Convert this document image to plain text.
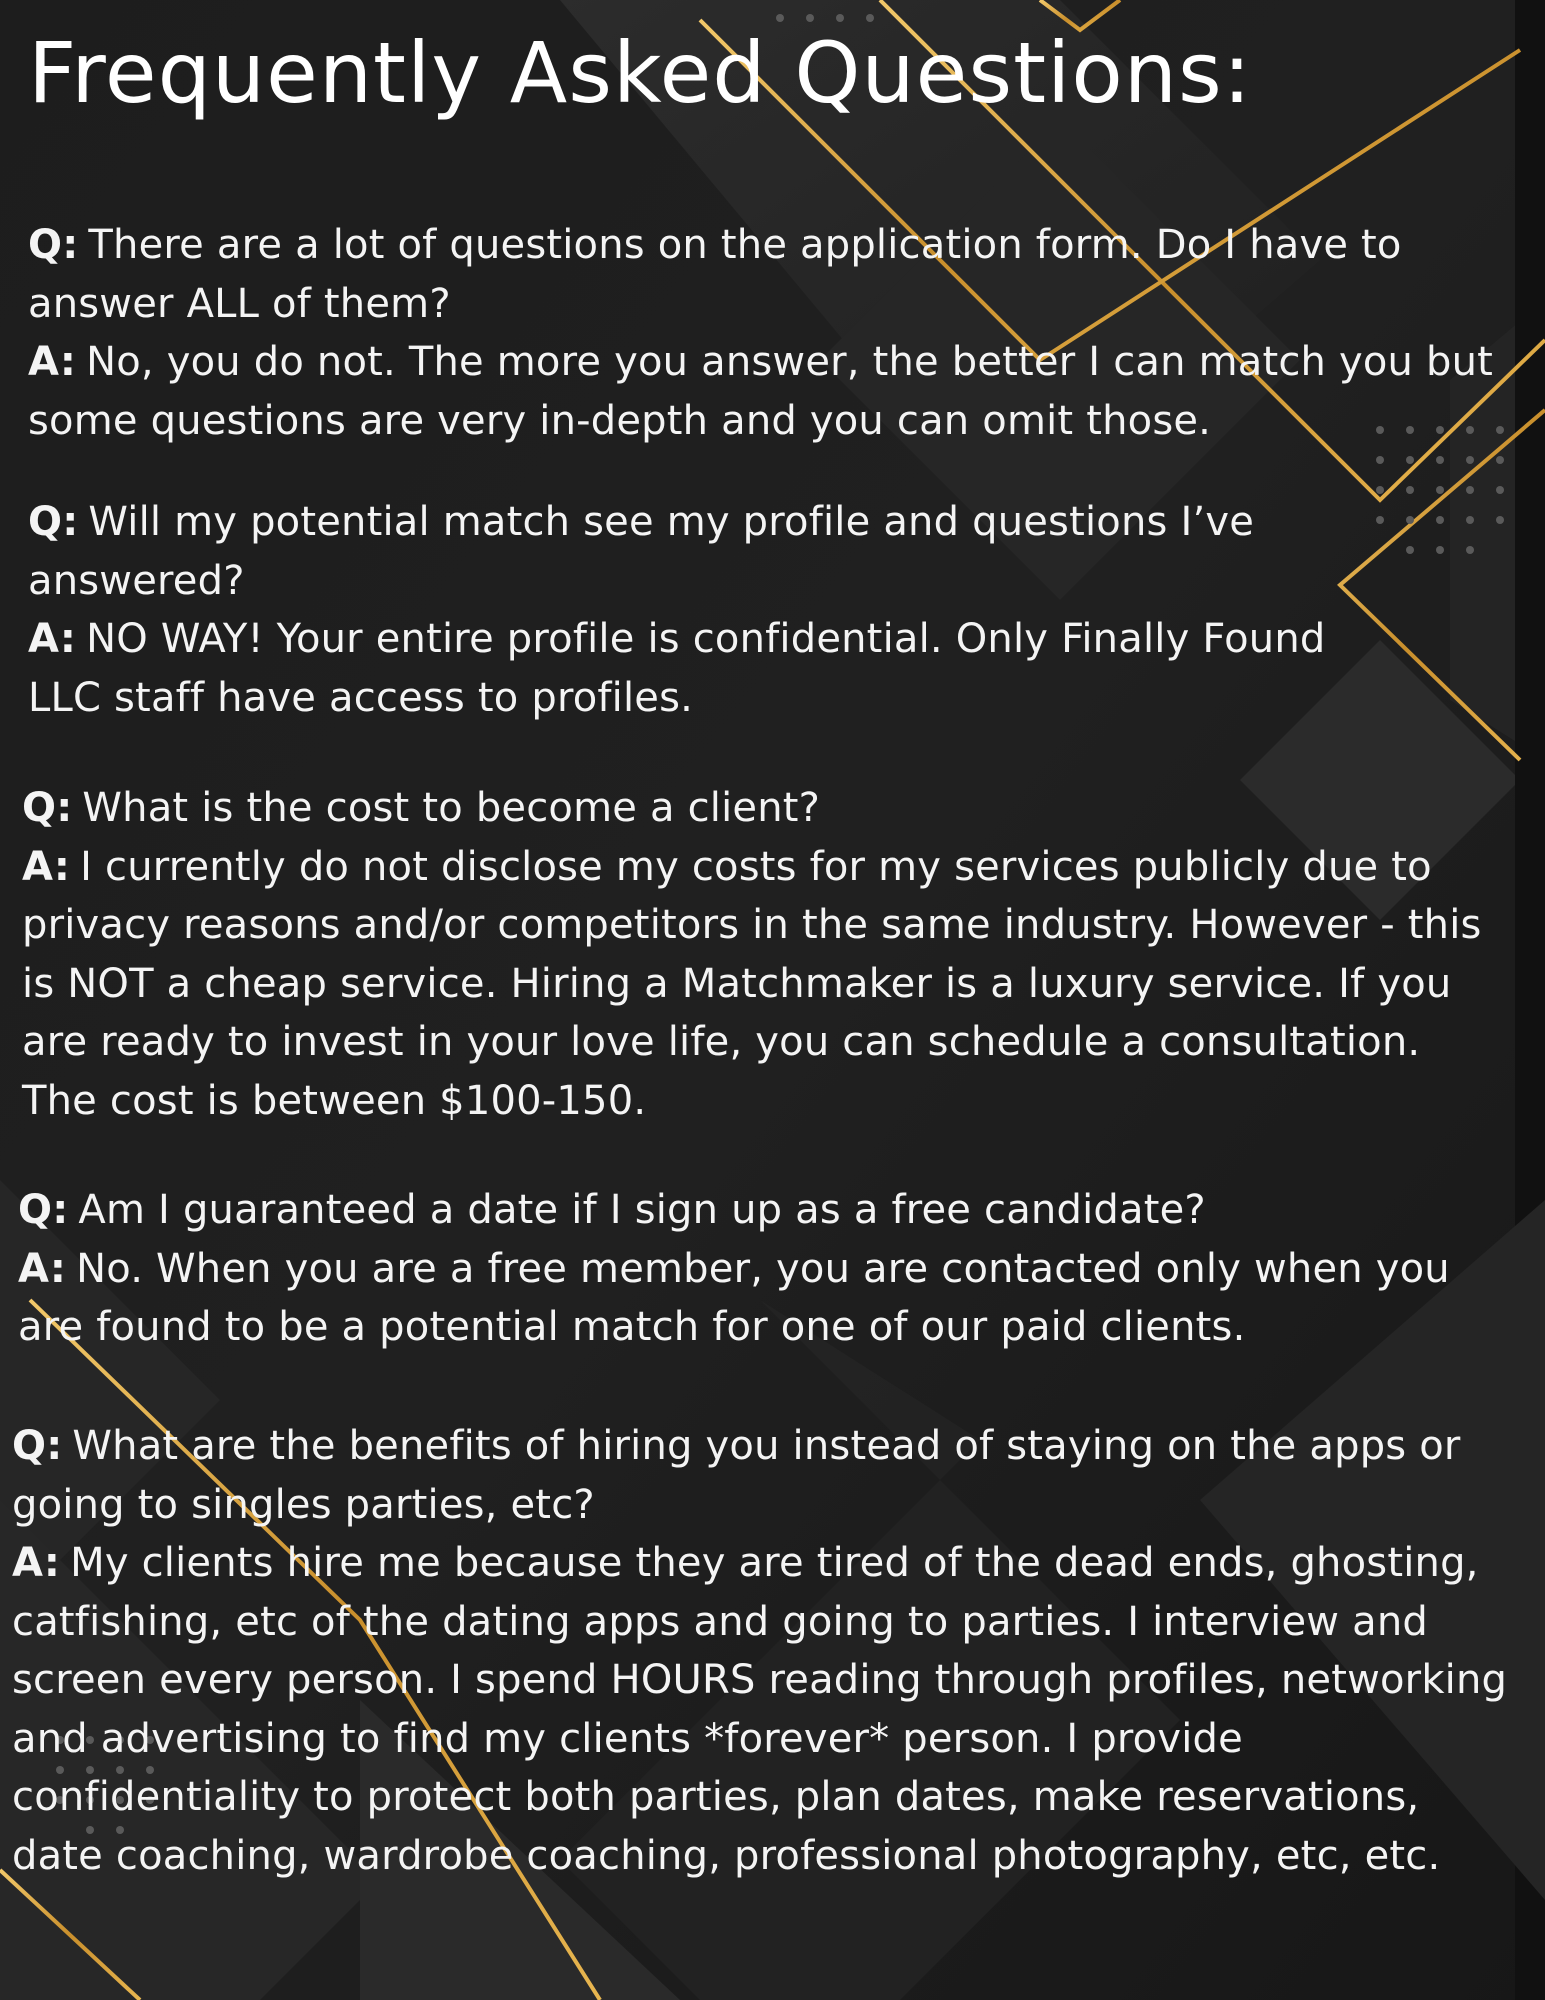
Frequently Asked Questions:

Q: There are a lot of questions on the application form. Do I have to answer ALL of them?

A: No, you do not. The more you answer, the better I can match you but some questions are very in-depth and you can omit those.

Q: Will my potential match see my profile and questions I’ve answered?

A: NO WAY! Your entire profile is confidential. Only Finally Found LLC staff have access to profiles.

Q: What is the cost to become a client?

A: I currently do not disclose my costs for my services publicly due to privacy reasons and/or competitors in the same industry. However - this is NOT a cheap service. Hiring a Matchmaker is a luxury service. If you are ready to invest in your love life, you can schedule a consultation. The cost is between $100-150.

Q: Am I guaranteed a date if I sign up as a free candidate?

A: No. When you are a free member, you are contacted only when you are found to be a potential match for one of our paid clients.

Q: What are the benefits of hiring you instead of staying on the apps or going to singles parties, etc?

A: My clients hire me because they are tired of the dead ends, ghosting, catfishing, etc of the dating apps and going to parties. I interview and screen every person. I spend HOURS reading through profiles, networking and advertising to find my clients *forever* person. I provide confidentiality to protect both parties, plan dates, make reservations, date coaching, wardrobe coaching, professional photography, etc, etc.
